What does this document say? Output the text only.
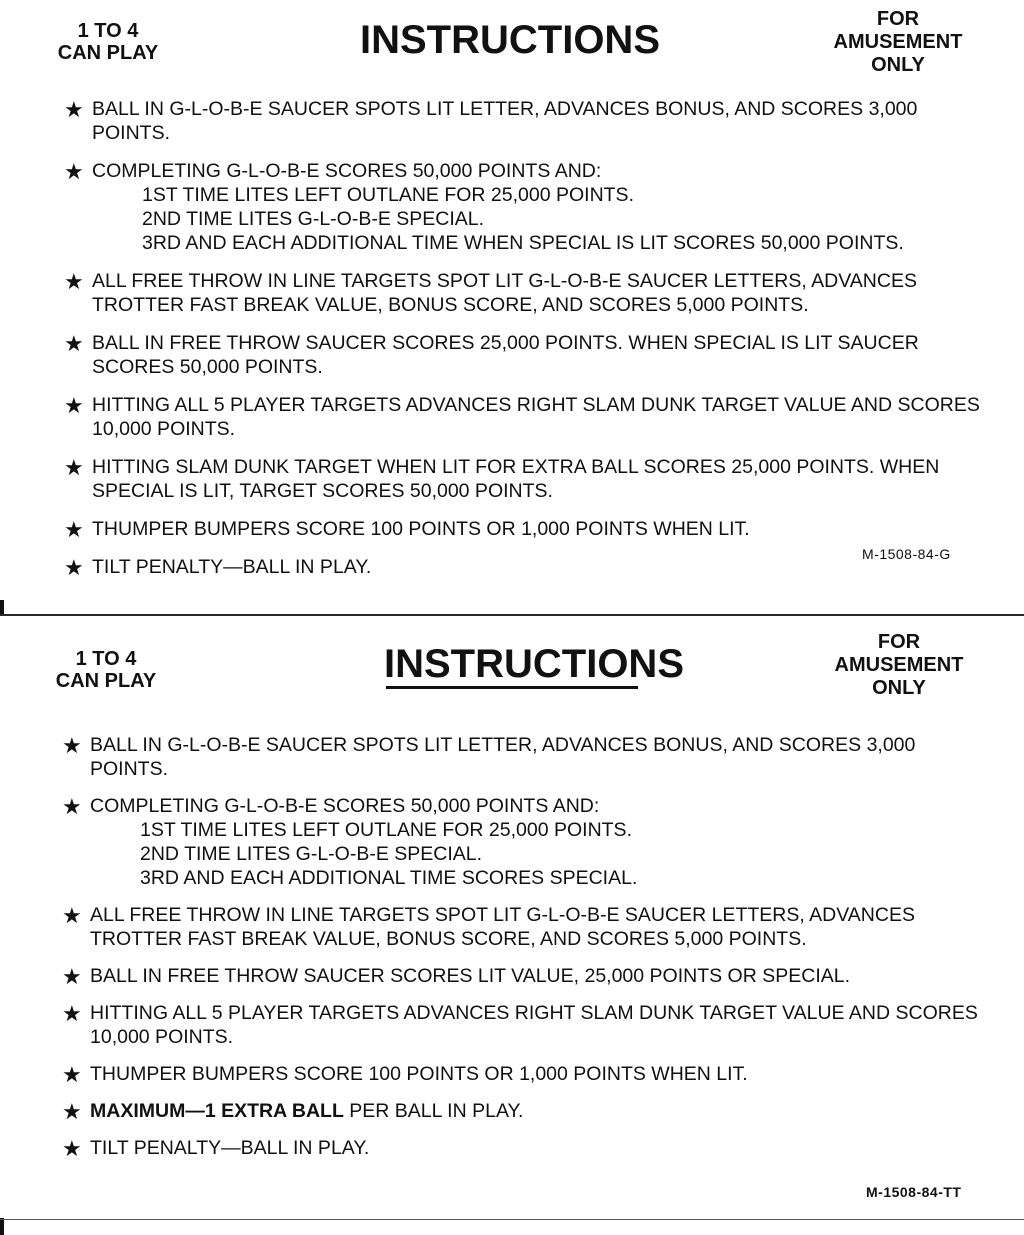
1 TO 4
CAN PLAY	INSTRUCTIONS	FOR
AMUSEMENT
ONLY
★ BALL IN G-L-O-B-E SAUCER SPOTS LIT LETTER, ADVANCES BONUS, AND SCORES 3,000 POINTS.
★ COMPLETING G-L-O-B-E SCORES 50,000 POINTS AND:
1ST TIME LITES LEFT OUTLANE FOR 25,000 POINTS.
2ND TIME LITES G-L-O-B-E SPECIAL.
3RD AND EACH ADDITIONAL TIME WHEN SPECIAL IS LIT SCORES 50,000 POINTS.
★ ALL FREE THROW IN LINE TARGETS SPOT LIT G-L-O-B-E SAUCER LETTERS, ADVANCES TROTTER FAST BREAK VALUE, BONUS SCORE, AND SCORES 5,000 POINTS.
★ BALL IN FREE THROW SAUCER SCORES 25,000 POINTS. WHEN SPECIAL IS LIT SAUCER SCORES 50,000 POINTS.
★ HITTING ALL 5 PLAYER TARGETS ADVANCES RIGHT SLAM DUNK TARGET VALUE AND SCORES 10,000 POINTS.
★ HITTING SLAM DUNK TARGET WHEN LIT FOR EXTRA BALL SCORES 25,000 POINTS. WHEN SPECIAL IS LIT, TARGET SCORES 50,000 POINTS.
★ THUMPER BUMPERS SCORE 100 POINTS OR 1,000 POINTS WHEN LIT.
★ TILT PENALTY—BALL IN PLAY.
M-1508-84-G
1 TO 4
CAN PLAY	INSTRUCTIONS	FOR
AMUSEMENT
ONLY
★ BALL IN G-L-O-B-E SAUCER SPOTS LIT LETTER, ADVANCES BONUS, AND SCORES 3,000 POINTS.
★ COMPLETING G-L-O-B-E SCORES 50,000 POINTS AND:
1ST TIME LITES LEFT OUTLANE FOR 25,000 POINTS.
2ND TIME LITES G-L-O-B-E SPECIAL.
3RD AND EACH ADDITIONAL TIME SCORES SPECIAL.
★ ALL FREE THROW IN LINE TARGETS SPOT LIT G-L-O-B-E SAUCER LETTERS, ADVANCES TROTTER FAST BREAK VALUE, BONUS SCORE, AND SCORES 5,000 POINTS.
★ BALL IN FREE THROW SAUCER SCORES LIT VALUE, 25,000 POINTS OR SPECIAL.
★ HITTING ALL 5 PLAYER TARGETS ADVANCES RIGHT SLAM DUNK TARGET VALUE AND SCORES 10,000 POINTS.
★ THUMPER BUMPERS SCORE 100 POINTS OR 1,000 POINTS WHEN LIT.
★ MAXIMUM—1 EXTRA BALL PER BALL IN PLAY.
★ TILT PENALTY—BALL IN PLAY.
M-1508-84-TT
